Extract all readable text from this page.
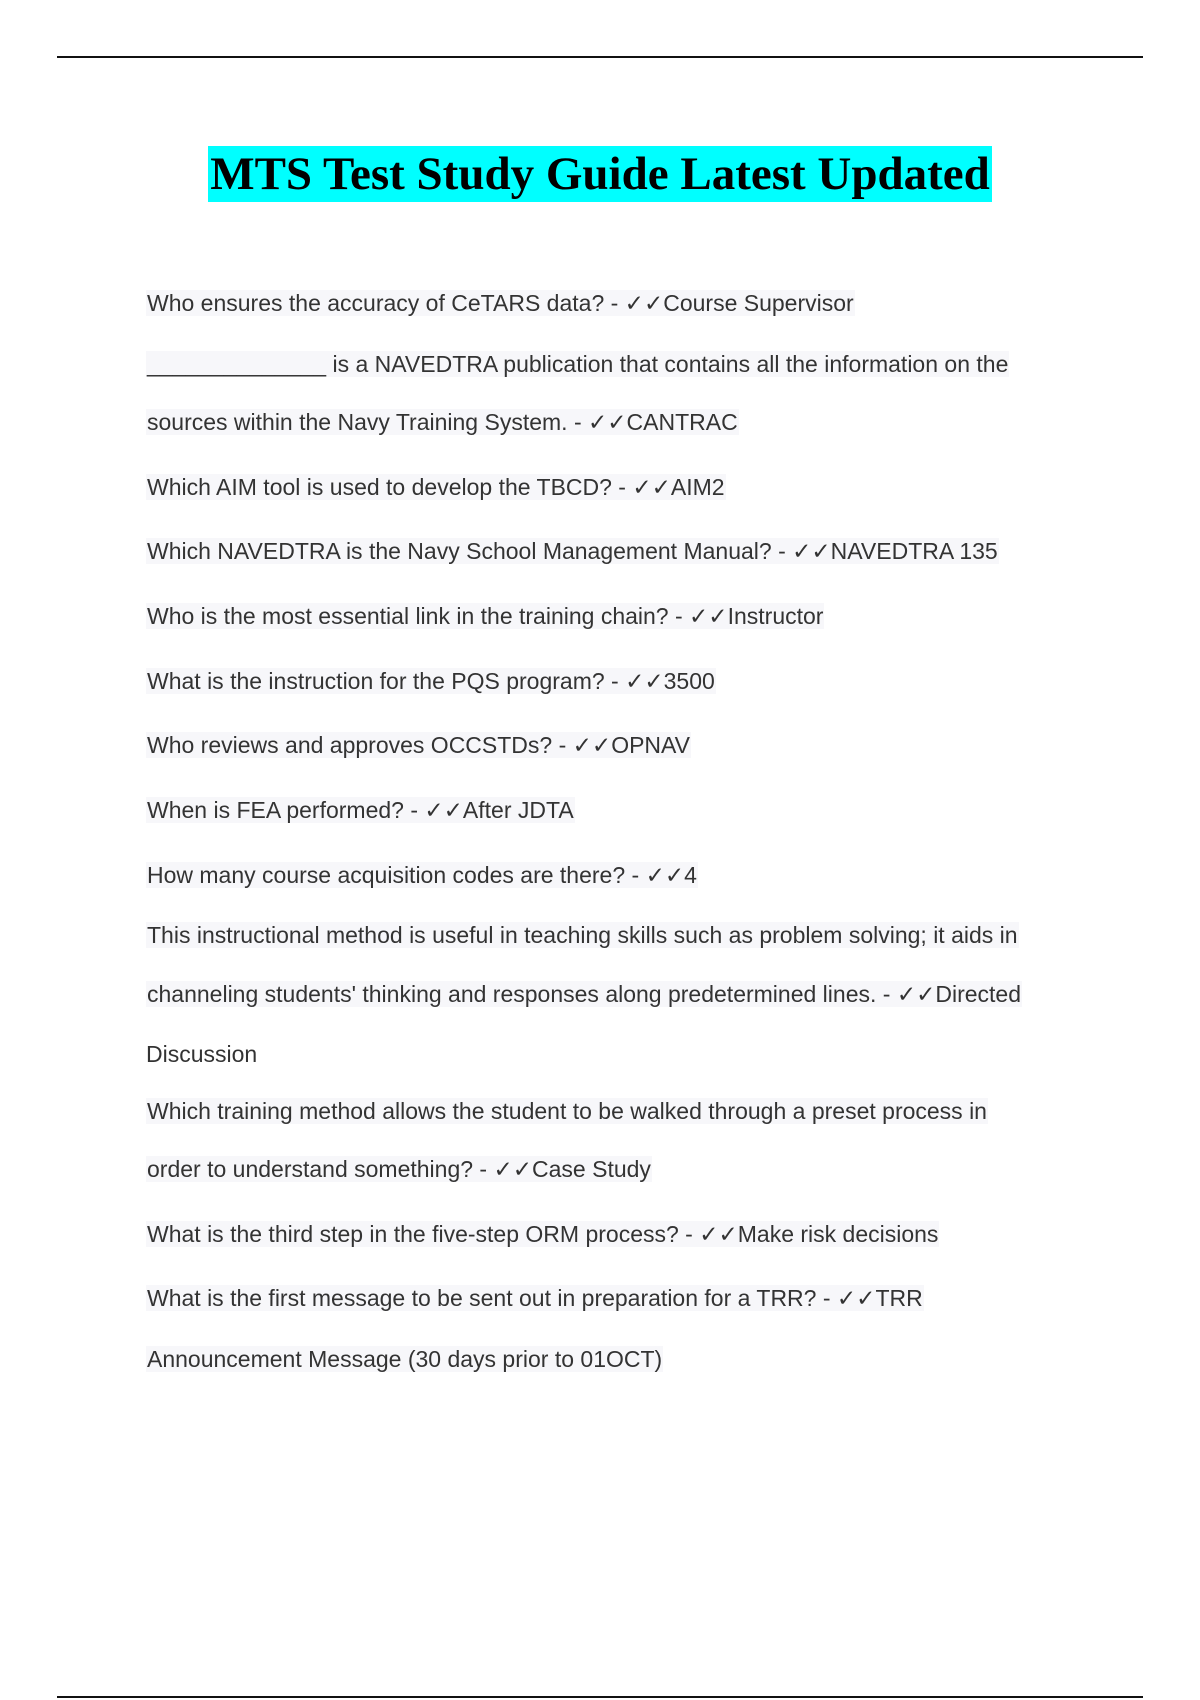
MTS Test Study Guide Latest Updated
Who ensures the accuracy of CeTARS data? - ✓✓Course Supervisor
______________ is a NAVEDTRA publication that contains all the information on the
sources within the Navy Training System. - ✓✓CANTRAC
Which AIM tool is used to develop the TBCD? - ✓✓AIM2
Which NAVEDTRA is the Navy School Management Manual? - ✓✓NAVEDTRA 135
Who is the most essential link in the training chain? - ✓✓Instructor
What is the instruction for the PQS program? - ✓✓3500
Who reviews and approves OCCSTDs? - ✓✓OPNAV
When is FEA performed? - ✓✓After JDTA
How many course acquisition codes are there? - ✓✓4
This instructional method is useful in teaching skills such as problem solving; it aids in
channeling students' thinking and responses along predetermined lines. - ✓✓Directed
Discussion
Which training method allows the student to be walked through a preset process in
order to understand something? - ✓✓Case Study
What is the third step in the five-step ORM process? - ✓✓Make risk decisions
What is the first message to be sent out in preparation for a TRR? - ✓✓TRR
Announcement Message (30 days prior to 01OCT)
